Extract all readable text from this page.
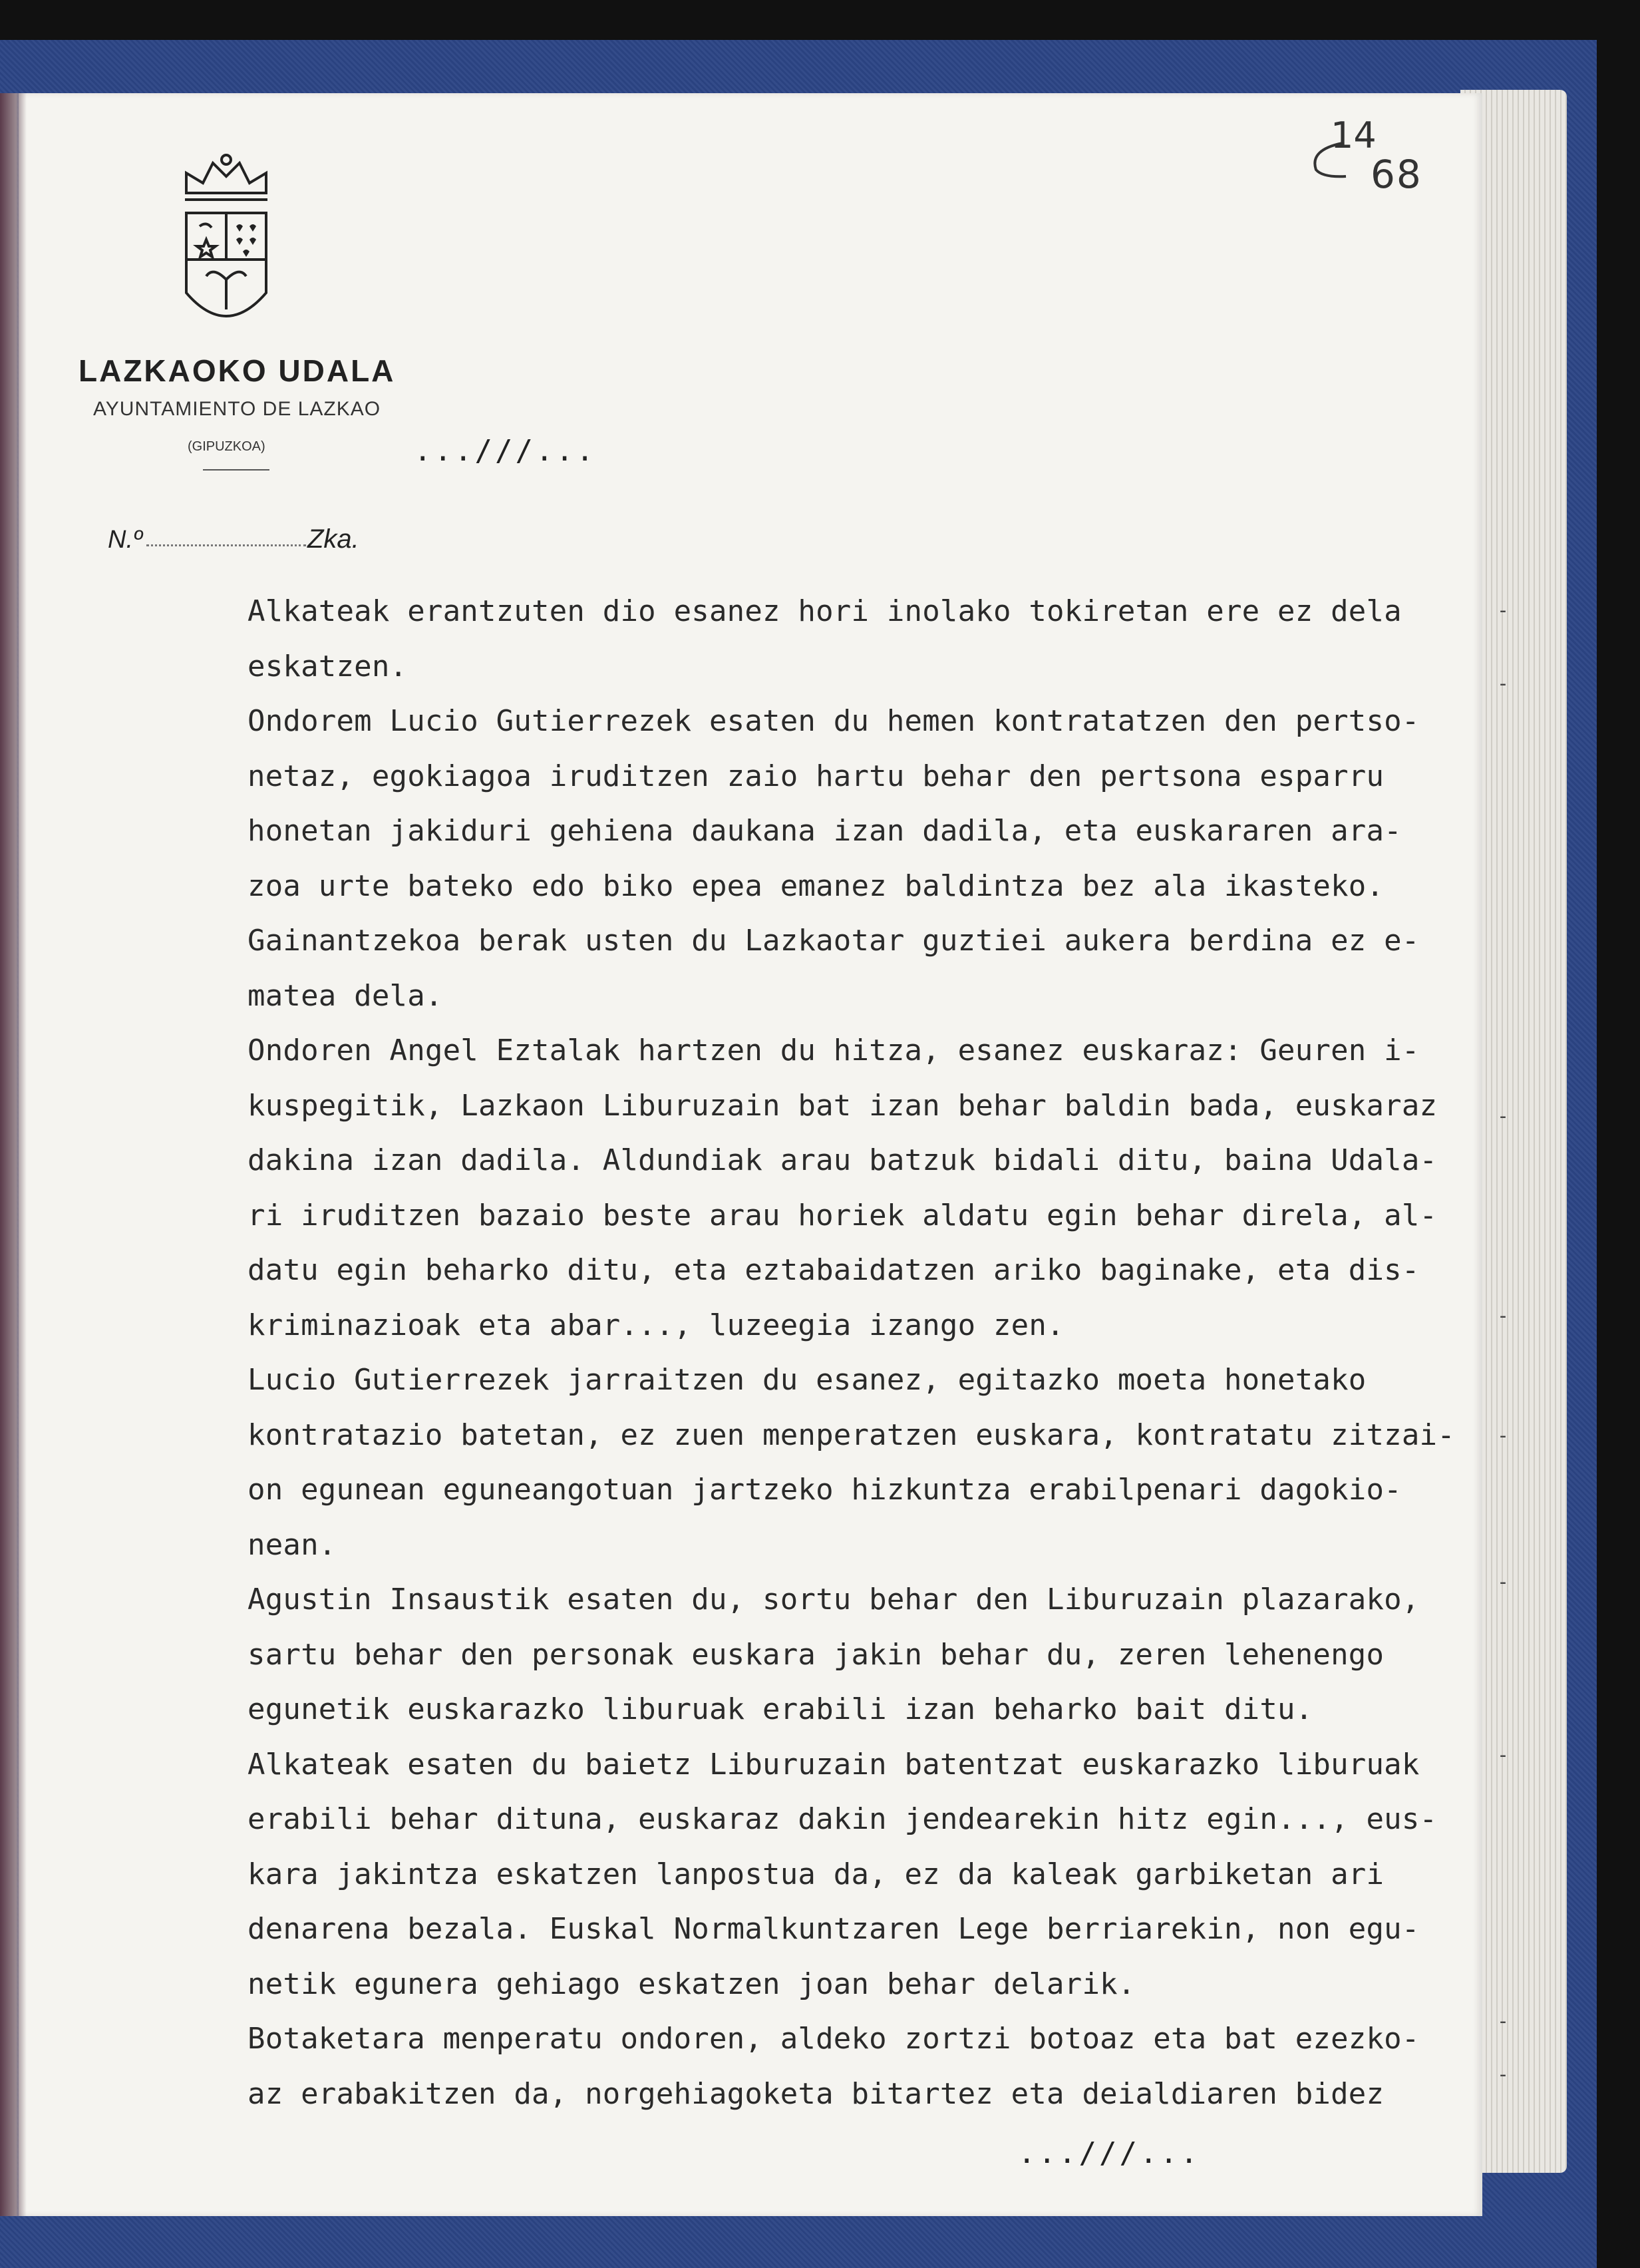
LAZKAOKO UDALA
AYUNTAMIENTO DE LAZKAO
(GIPUZKOA)	...///...
N.º	Zka.
14
68
Alkateak erantzuten dio esanez hori inolako tokiretan ere ez dela
eskatzen.
Ondorem Lucio Gutierrezek esaten du hemen kontratatzen den pertso-
netaz, egokiagoa iruditzen zaio hartu behar den pertsona esparru
honetan jakiduri gehiena daukana izan dadila, eta euskararen ara-
zoa urte bateko edo biko epea emanez baldintza bez ala ikasteko.
Gainantzekoa berak usten du Lazkaotar guztiei aukera berdina ez e-
matea dela.
Ondoren Angel Eztalak hartzen du hitza, esanez euskaraz: Geuren i-
kuspegitik, Lazkaon Liburuzain bat izan behar baldin bada, euskaraz
dakina izan dadila. Aldundiak arau batzuk bidali ditu, baina Udala-
ri iruditzen bazaio beste arau horiek aldatu egin behar direla, al-
datu egin beharko ditu, eta eztabaidatzen ariko baginake, eta dis-
kriminazioak eta abar..., luzeegia izango zen.
Lucio Gutierrezek jarraitzen du esanez, egitazko moeta honetako
kontratazio batetan, ez zuen menperatzen euskara, kontratatu zitzai-
on egunean eguneangotuan jartzeko hizkuntza erabilpenari dagokio-
nean.
Agustin Insaustik esaten du, sortu behar den Liburuzain plazarako,
sartu behar den personak euskara jakin behar du, zeren lehenengo
egunetik euskarazko liburuak erabili izan beharko bait ditu.
Alkateak esaten du baietz Liburuzain batentzat euskarazko liburuak
erabili behar dituna, euskaraz dakin jendearekin hitz egin..., eus-
kara jakintza eskatzen lanpostua da, ez da kaleak garbiketan ari
denarena bezala. Euskal Normalkuntzaren Lege berriarekin, non egu-
netik egunera gehiago eskatzen joan behar delarik.
Botaketara menperatu ondoren, aldeko zortzi botoaz eta bat ezezko-
az erabakitzen da, norgehiagoketa bitartez eta deialdiaren bidez
...///...
-
-
-
-
-
-
-
-
-
